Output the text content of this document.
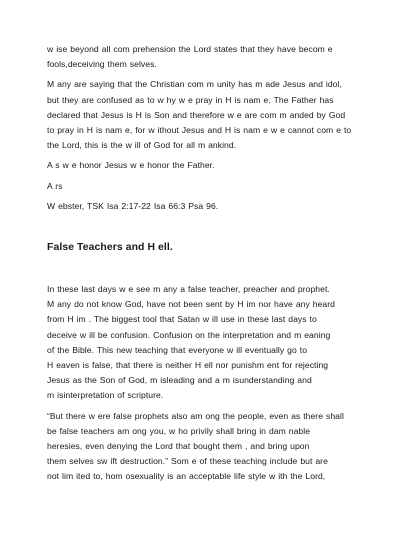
w ise beyond all com prehension the Lord states that they have becom e
fools,deceiving them selves.

M any are saying that the Christian com m unity has m ade Jesus and idol,
but they are confused as to w hy w e pray in H is nam e. The Father has
declared that Jesus is H is Son and therefore w e are com m anded by God
to pray in H is nam e, for w ithout Jesus and H is nam e w e cannot com e to
the Lord, this is the w ill of God for all m ankind.

A s w e honor Jesus w e honor the Father.

A rs

W ebster, TSK Isa 2:17-22 Isa 66:3 Psa 96.

False Teachers and H ell.

In these last days w e see m any a false teacher, preacher and prophet.
M any do not know God, have not been sent by H im nor have any heard
from H im . The biggest tool that Satan w ill use in these last days to
deceive w ill be confusion. Confusion on the interpretation and m eaning
of the Bible. This new teaching that everyone w ill eventually go to
H eaven is false, that there is neither H ell nor punishm ent for rejecting
Jesus as the Son of God, m isleading and a m isunderstanding and
m isinterpretation of scripture.

“But there w ere false prophets also am ong the people, even as there shall
be false teachers am ong you, w ho privily shall bring in dam nable
heresies, even denying the Lord that bought them , and bring upon
them selves sw ift destruction.” Som e of these teaching include but are
not lim ited to, hom osexuality is an acceptable life style w ith the Lord,
